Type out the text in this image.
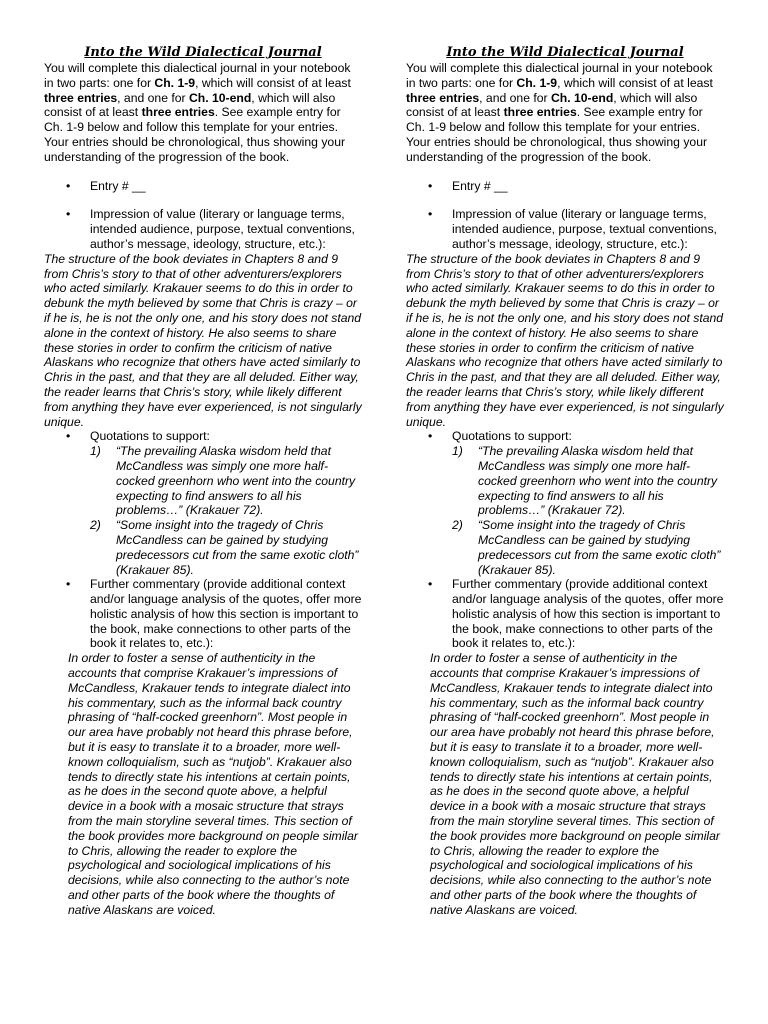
Into the Wild Dialectical Journal
You will complete this dialectical journal in your notebook in two parts: one for Ch. 1-9, which will consist of at least three entries, and one for Ch. 10-end, which will also consist of at least three entries. See example entry for Ch. 1-9 below and follow this template for your entries. Your entries should be chronological, thus showing your understanding of the progression of the book.
• Entry # __
• Impression of value (literary or language terms, intended audience, purpose, textual conventions, author’s message, ideology, structure, etc.):
The structure of the book deviates in Chapters 8 and 9 from Chris’s story to that of other adventurers/explorers who acted similarly. Krakauer seems to do this in order to debunk the myth believed by some that Chris is crazy – or if he is, he is not the only one, and his story does not stand alone in the context of history. He also seems to share these stories in order to confirm the criticism of native Alaskans who recognize that others have acted similarly to Chris in the past, and that they are all deluded. Either way, the reader learns that Chris’s story, while likely different from anything they have ever experienced, is not singularly unique.
• Quotations to support:
1) “The prevailing Alaska wisdom held that McCandless was simply one more half-cocked greenhorn who went into the country expecting to find answers to all his problems…” (Krakauer 72).
2) “Some insight into the tragedy of Chris McCandless can be gained by studying predecessors cut from the same exotic cloth” (Krakauer 85).
• Further commentary (provide additional context and/or language analysis of the quotes, offer more holistic analysis of how this section is important to the book, make connections to other parts of the book it relates to, etc.):
In order to foster a sense of authenticity in the accounts that comprise Krakauer’s impressions of McCandless, Krakauer tends to integrate dialect into his commentary, such as the informal back country phrasing of “half-cocked greenhorn”. Most people in our area have probably not heard this phrase before, but it is easy to translate it to a broader, more well-known colloquialism, such as “nutjob”. Krakauer also tends to directly state his intentions at certain points, as he does in the second quote above, a helpful device in a book with a mosaic structure that strays from the main storyline several times. This section of the book provides more background on people similar to Chris, allowing the reader to explore the psychological and sociological implications of his decisions, while also connecting to the author’s note and other parts of the book where the thoughts of native Alaskans are voiced.
Into the Wild Dialectical Journal
You will complete this dialectical journal in your notebook in two parts: one for Ch. 1-9, which will consist of at least three entries, and one for Ch. 10-end, which will also consist of at least three entries. See example entry for Ch. 1-9 below and follow this template for your entries. Your entries should be chronological, thus showing your understanding of the progression of the book.
• Entry # __
• Impression of value (literary or language terms, intended audience, purpose, textual conventions, author’s message, ideology, structure, etc.):
The structure of the book deviates in Chapters 8 and 9 from Chris’s story to that of other adventurers/explorers who acted similarly. Krakauer seems to do this in order to debunk the myth believed by some that Chris is crazy – or if he is, he is not the only one, and his story does not stand alone in the context of history. He also seems to share these stories in order to confirm the criticism of native Alaskans who recognize that others have acted similarly to Chris in the past, and that they are all deluded. Either way, the reader learns that Chris’s story, while likely different from anything they have ever experienced, is not singularly unique.
• Quotations to support:
1) “The prevailing Alaska wisdom held that McCandless was simply one more half-cocked greenhorn who went into the country expecting to find answers to all his problems…” (Krakauer 72).
2) “Some insight into the tragedy of Chris McCandless can be gained by studying predecessors cut from the same exotic cloth” (Krakauer 85).
• Further commentary (provide additional context and/or language analysis of the quotes, offer more holistic analysis of how this section is important to the book, make connections to other parts of the book it relates to, etc.):
In order to foster a sense of authenticity in the accounts that comprise Krakauer’s impressions of McCandless, Krakauer tends to integrate dialect into his commentary, such as the informal back country phrasing of “half-cocked greenhorn”. Most people in our area have probably not heard this phrase before, but it is easy to translate it to a broader, more well-known colloquialism, such as “nutjob”. Krakauer also tends to directly state his intentions at certain points, as he does in the second quote above, a helpful device in a book with a mosaic structure that strays from the main storyline several times. This section of the book provides more background on people similar to Chris, allowing the reader to explore the psychological and sociological implications of his decisions, while also connecting to the author’s note and other parts of the book where the thoughts of native Alaskans are voiced.
